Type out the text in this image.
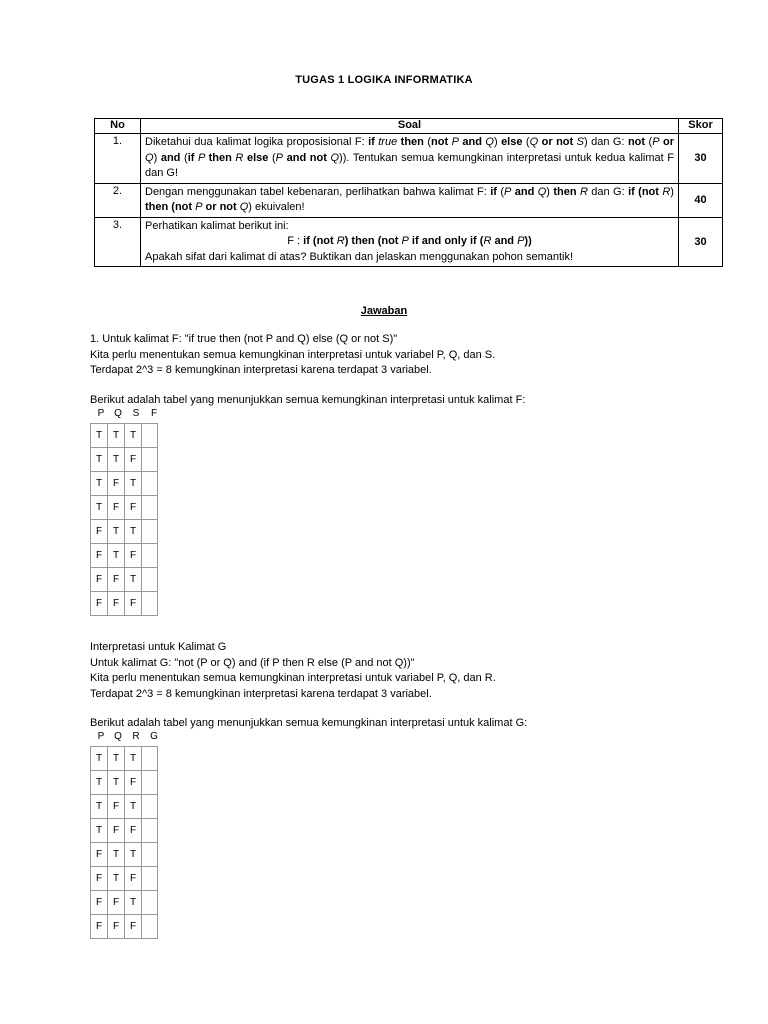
TUGAS 1 LOGIKA INFORMATIKA
No	Soal	Skor
1.	Diketahui dua kalimat logika proposisional F: if true then (not P and Q) else (Q or not S) dan G: not (P or Q) and (if P then R else (P and not Q)). Tentukan semua kemungkinan interpretasi untuk kedua kalimat F dan G!	30
2.	Dengan menggunakan tabel kebenaran, perlihatkan bahwa kalimat F: if (P and Q) then R dan G: if (not R) then (not P or not Q) ekuivalen!	40
3.	Perhatikan kalimat berikut ini:
F : if (not R) then (not P if and only if (R and P))
Apakah sifat dari kalimat di atas? Buktikan dan jelaskan menggunakan pohon semantik!	30
Jawaban

1. Untuk kalimat F: "if true then (not P and Q) else (Q or not S)"

Kita perlu menentukan semua kemungkinan interpretasi untuk variabel P, Q, dan S.

Terdapat 2^3 = 8 kemungkinan interpretasi karena terdapat 3 variabel.

Berikut adalah tabel yang menunjukkan semua kemungkinan interpretasi untuk kalimat F:

P Q S F
T	T	T	
T	T	F	
T	F	T	
T	F	F	
F	T	T	
F	T	F	
F	F	T	
F	F	F	

Interpretasi untuk Kalimat G

Untuk kalimat G: "not (P or Q) and (if P then R else (P and not Q))"

Kita perlu menentukan semua kemungkinan interpretasi untuk variabel P, Q, dan R.

Terdapat 2^3 = 8 kemungkinan interpretasi karena terdapat 3 variabel.

Berikut adalah tabel yang menunjukkan semua kemungkinan interpretasi untuk kalimat G:

P Q R G
T	T	T	
T	T	F	
T	F	T	
T	F	F	
F	T	T	
F	T	F	
F	F	T	
F	F	F	
